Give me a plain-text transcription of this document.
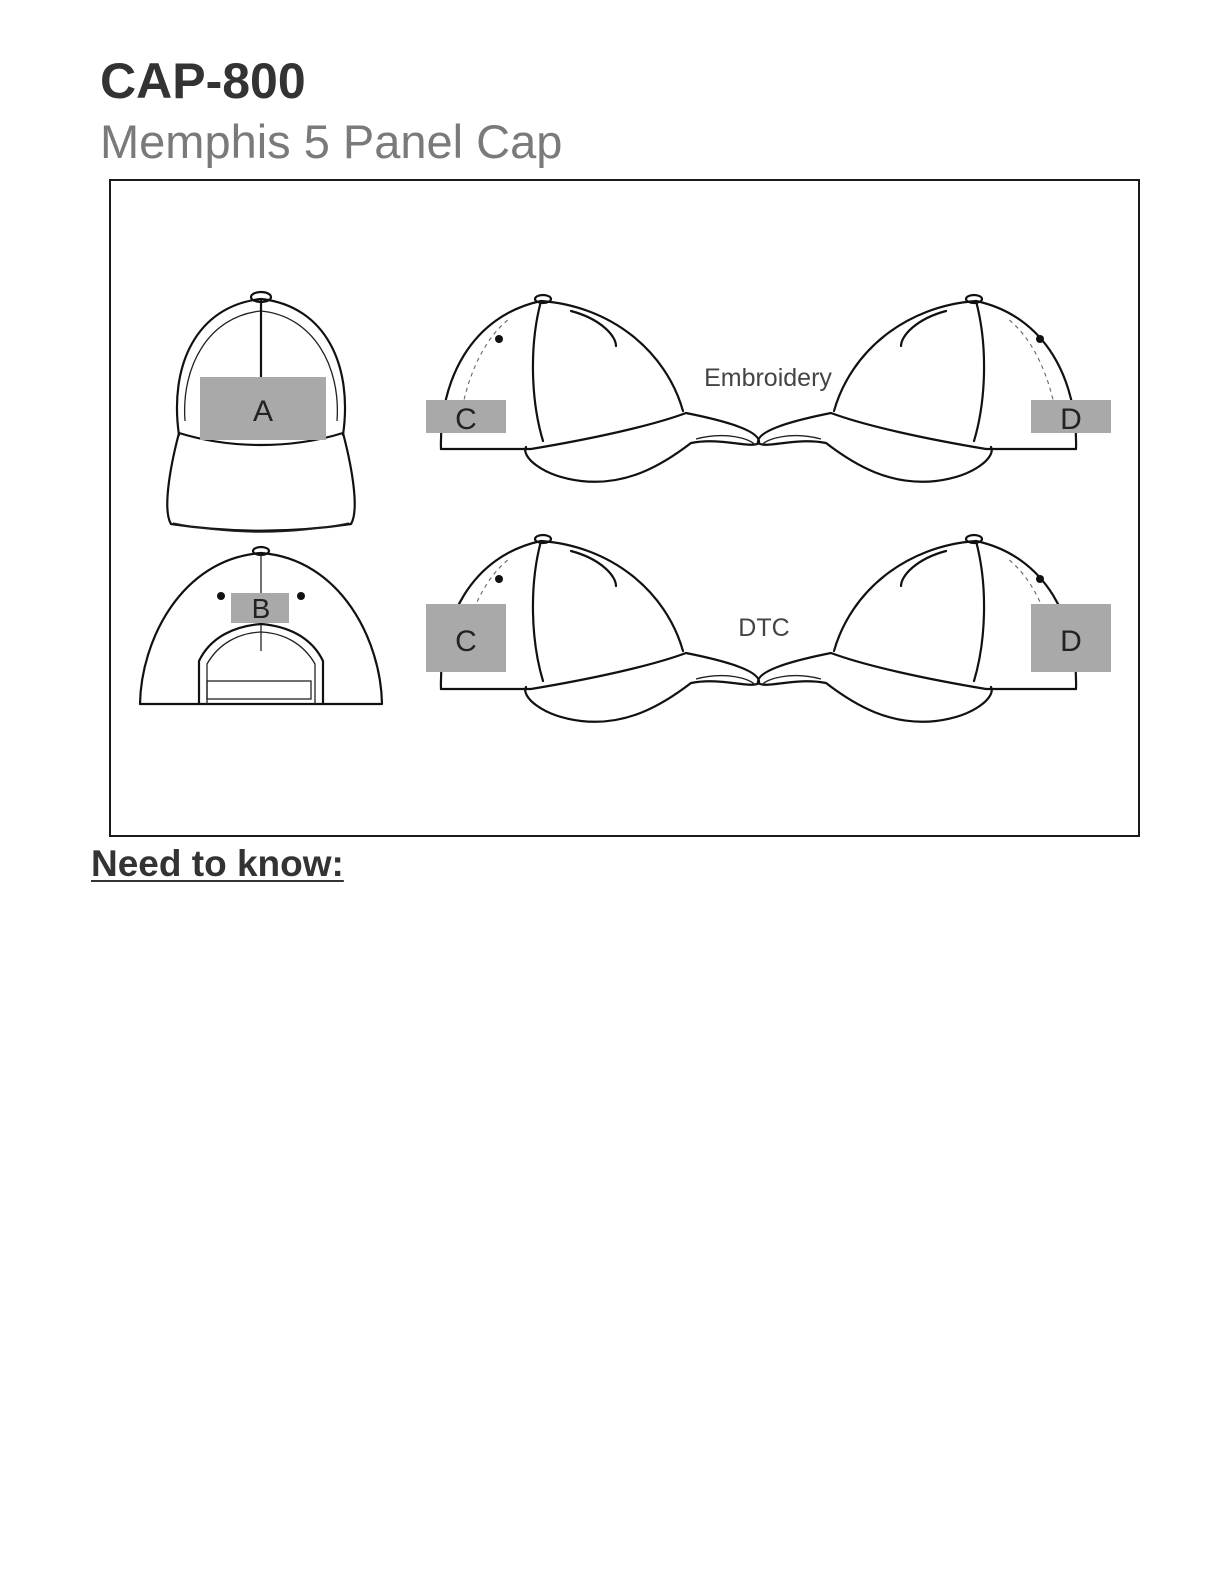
CAP-800
Memphis 5 Panel Cap
A
B
C	D
Embroidery
C	D
DTC
Need to know:
